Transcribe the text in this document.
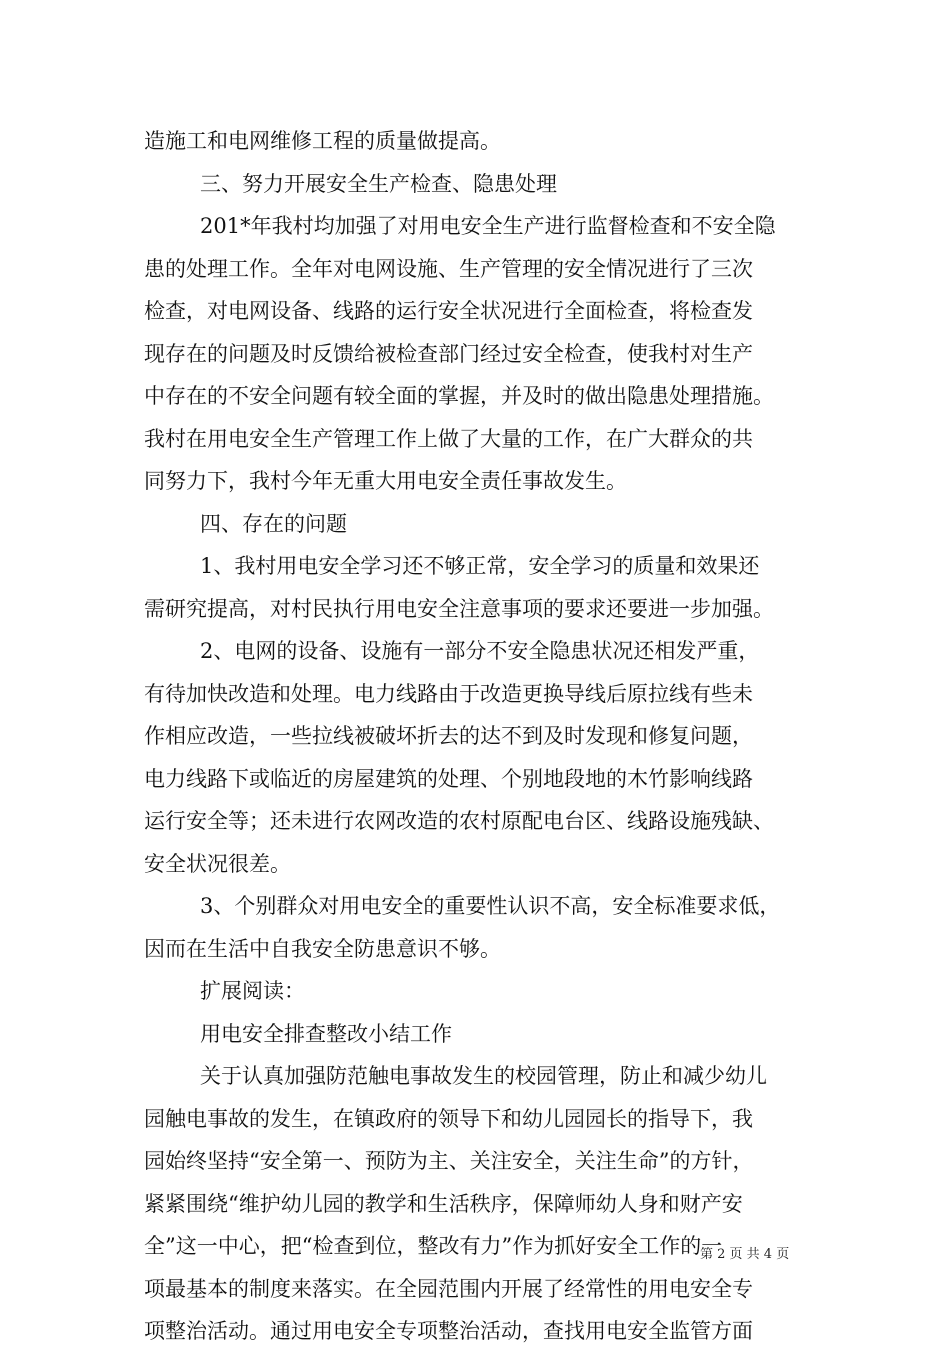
造施工和电网维修工程的质量做提高。
三、努力开展安全生产检查、隐患处理
201*年我村均加强了对用电安全生产进行监督检查和不安全隐
患的处理工作。全年对电网设施、生产管理的安全情况进行了三次
检查，对电网设备、线路的运行安全状况进行全面检查，将检查发
现存在的问题及时反馈给被检查部门经过安全检查，使我村对生产
中存在的不安全问题有较全面的掌握，并及时的做出隐患处理措施。
我村在用电安全生产管理工作上做了大量的工作，在广大群众的共
同努力下，我村今年无重大用电安全责任事故发生。
四、存在的问题
1、我村用电安全学习还不够正常，安全学习的质量和效果还
需研究提高，对村民执行用电安全注意事项的要求还要进一步加强。
2、电网的设备、设施有一部分不安全隐患状况还相发严重，
有待加快改造和处理。电力线路由于改造更换导线后原拉线有些未
作相应改造，一些拉线被破坏折去的达不到及时发现和修复问题，
电力线路下或临近的房屋建筑的处理、个别地段地的木竹影响线路
运行安全等；还未进行农网改造的农村原配电台区、线路设施残缺、
安全状况很差。
3、个别群众对用电安全的重要性认识不高，安全标准要求低，
因而在生活中自我安全防患意识不够。
扩展阅读：
用电安全排查整改小结工作
关于认真加强防范触电事故发生的校园管理，防止和减少幼儿
园触电事故的发生，在镇政府的领导下和幼儿园园长的指导下，我
园始终坚持“安全第一、预防为主、关注安全，关注生命”的方针，
紧紧围绕“维护幼儿园的教学和生活秩序，保障师幼人身和财产安
全”这一中心，把“检查到位，整改有力”作为抓好安全工作的一
项最基本的制度来落实。在全园范围内开展了经常性的用电安全专
项整治活动。通过用电安全专项整治活动，查找用电安全监管方面
第 2 页 共 4 页
